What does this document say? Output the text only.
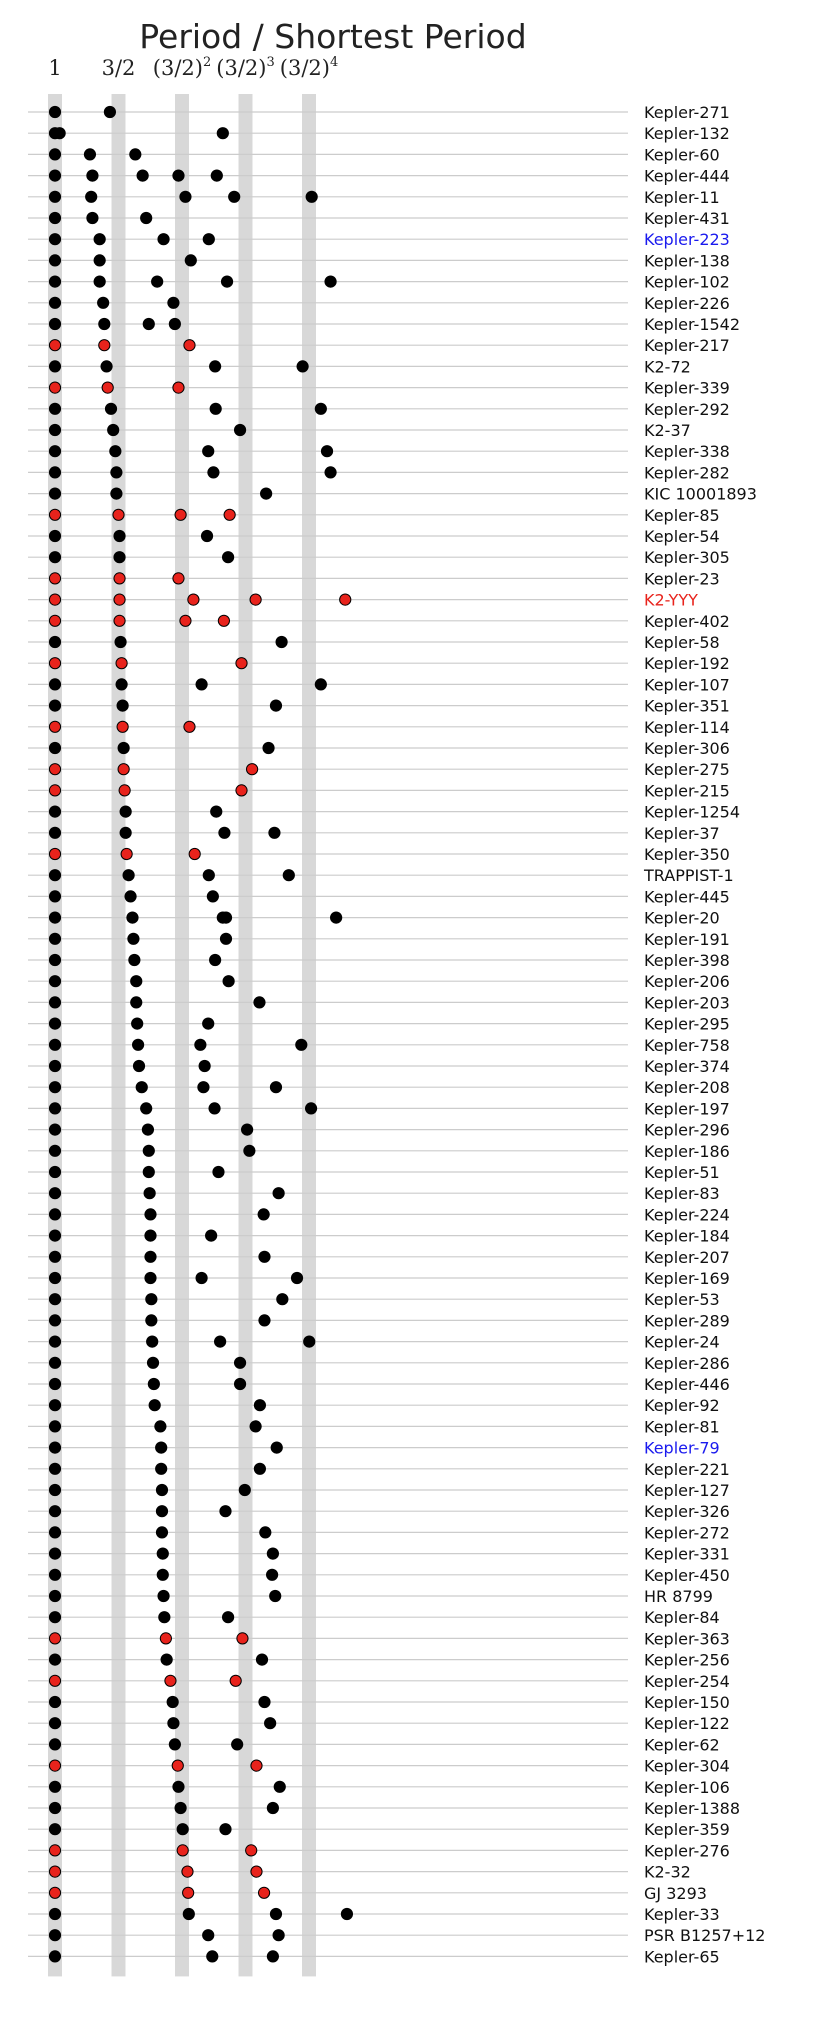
Kepler-271
Kepler-132
Kepler-60
Kepler-444
Kepler-11
Kepler-431
Kepler-223
Kepler-138
Kepler-102
Kepler-226
Kepler-1542
Kepler-217
K2-72
Kepler-339
Kepler-292
K2-37
Kepler-338
Kepler-282
KIC 10001893
Kepler-85
Kepler-54
Kepler-305
Kepler-23
K2-YYY
Kepler-402
Kepler-58
Kepler-192
Kepler-107
Kepler-351
Kepler-114
Kepler-306
Kepler-275
Kepler-215
Kepler-1254
Kepler-37
Kepler-350
TRAPPIST-1
Kepler-445
Kepler-20
Kepler-191
Kepler-398
Kepler-206
Kepler-203
Kepler-295
Kepler-758
Kepler-374
Kepler-208
Kepler-197
Kepler-296
Kepler-186
Kepler-51
Kepler-83
Kepler-224
Kepler-184
Kepler-207
Kepler-169
Kepler-53
Kepler-289
Kepler-24
Kepler-286
Kepler-446
Kepler-92
Kepler-81
Kepler-79
Kepler-221
Kepler-127
Kepler-326
Kepler-272
Kepler-331
Kepler-450
HR 8799
Kepler-84
Kepler-363
Kepler-256
Kepler-254
Kepler-150
Kepler-122
Kepler-62
Kepler-304
Kepler-106
Kepler-1388
Kepler-359
Kepler-276
K2-32
GJ 3293
Kepler-33
PSR B1257+12
Kepler-65
1 3/2 $(3/2)^2$ $(3/2)^3$ $(3/2)^4$
Period / Shortest Period
